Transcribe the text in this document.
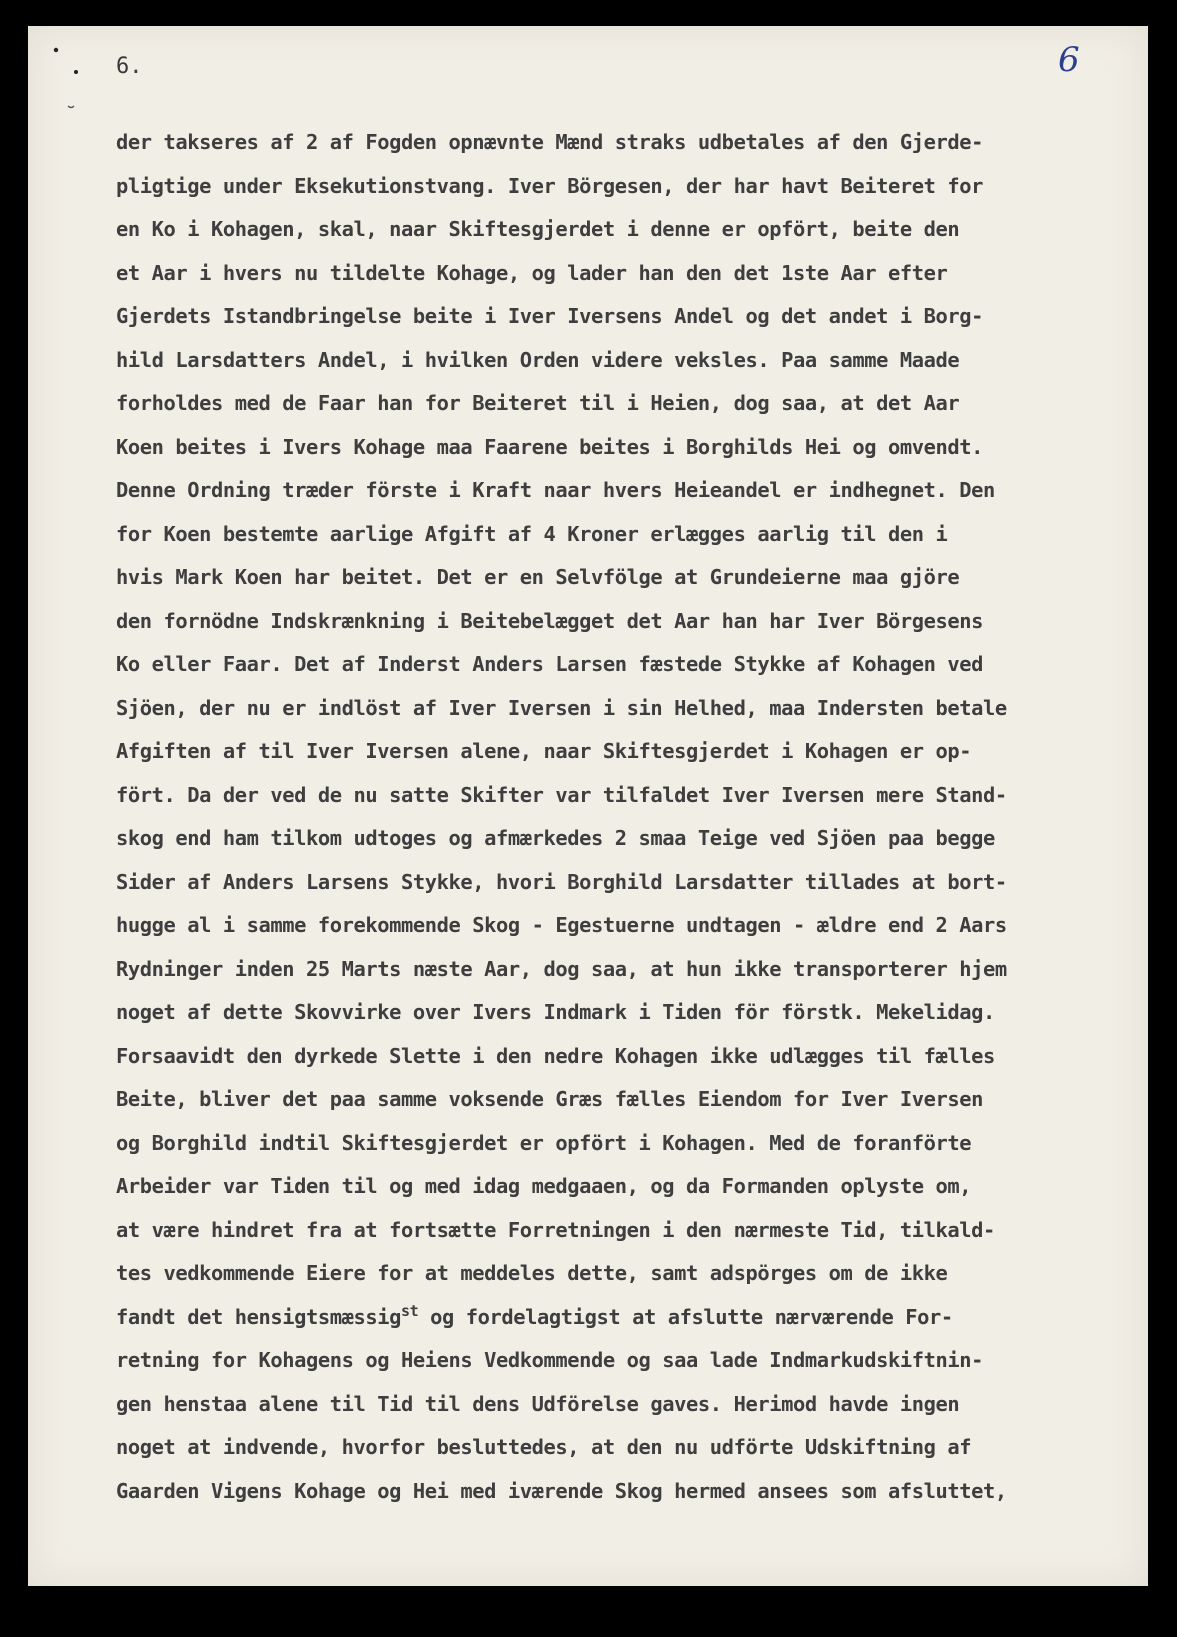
6.	6
der takseres af 2 af Fogden opnævnte Mænd straks udbetales af den Gjerde-
pligtige under Eksekutionstvang. Iver Börgesen, der har havt Beiteret for
en Ko i Kohagen, skal, naar Skiftesgjerdet i denne er opfört, beite den
et Aar i hvers nu tildelte Kohage, og lader han den det 1ste Aar efter
Gjerdets Istandbringelse beite i Iver Iversens Andel og det andet i Borg-
hild Larsdatters Andel, i hvilken Orden videre veksles. Paa samme Maade
forholdes med de Faar han for Beiteret til i Heien, dog saa, at det Aar
Koen beites i Ivers Kohage maa Faarene beites i Borghilds Hei og omvendt.
Denne Ordning træder förste i Kraft naar hvers Heieandel er indhegnet. Den
for Koen bestemte aarlige Afgift af 4 Kroner erlægges aarlig til den i
hvis Mark Koen har beitet. Det er en Selvfölge at Grundeierne maa gjöre
den fornödne Indskrænkning i Beitebelægget det Aar han har Iver Börgesens
Ko eller Faar. Det af Inderst Anders Larsen fæstede Stykke af Kohagen ved
Sjöen, der nu er indlöst af Iver Iversen i sin Helhed, maa Indersten betale
Afgiften af til Iver Iversen alene, naar Skiftesgjerdet i Kohagen er op-
fört. Da der ved de nu satte Skifter var tilfaldet Iver Iversen mere Stand-
skog end ham tilkom udtoges og afmærkedes 2 smaa Teige ved Sjöen paa begge
Sider af Anders Larsens Stykke, hvori Borghild Larsdatter tillades at bort-
hugge al i samme forekommende Skog - Egestuerne undtagen - ældre end 2 Aars
Rydninger inden 25 Marts næste Aar, dog saa, at hun ikke transporterer hjem
noget af dette Skovvirke over Ivers Indmark i Tiden för förstk. Mekelidag.
Forsaavidt den dyrkede Slette i den nedre Kohagen ikke udlægges til fælles
Beite, bliver det paa samme voksende Græs fælles Eiendom for Iver Iversen
og Borghild indtil Skiftesgjerdet er opfört i Kohagen. Med de foranförte
Arbeider var Tiden til og med idag medgaaen, og da Formanden oplyste om,
at være hindret fra at fortsætte Forretningen i den nærmeste Tid, tilkald-
tes vedkommende Eiere for at meddeles dette, samt adspörges om de ikke
fandt det hensigtsmæssig$^{st}$ og fordelagtigst at afslutte nærværende For-
retning for Kohagens og Heiens Vedkommende og saa lade Indmarkudskiftnin-
gen henstaa alene til Tid til dens Udförelse gaves. Herimod havde ingen
noget at indvende, hvorfor besluttedes, at den nu udförte Udskiftning af
Gaarden Vigens Kohage og Hei med iværende Skog hermed ansees som afsluttet,
